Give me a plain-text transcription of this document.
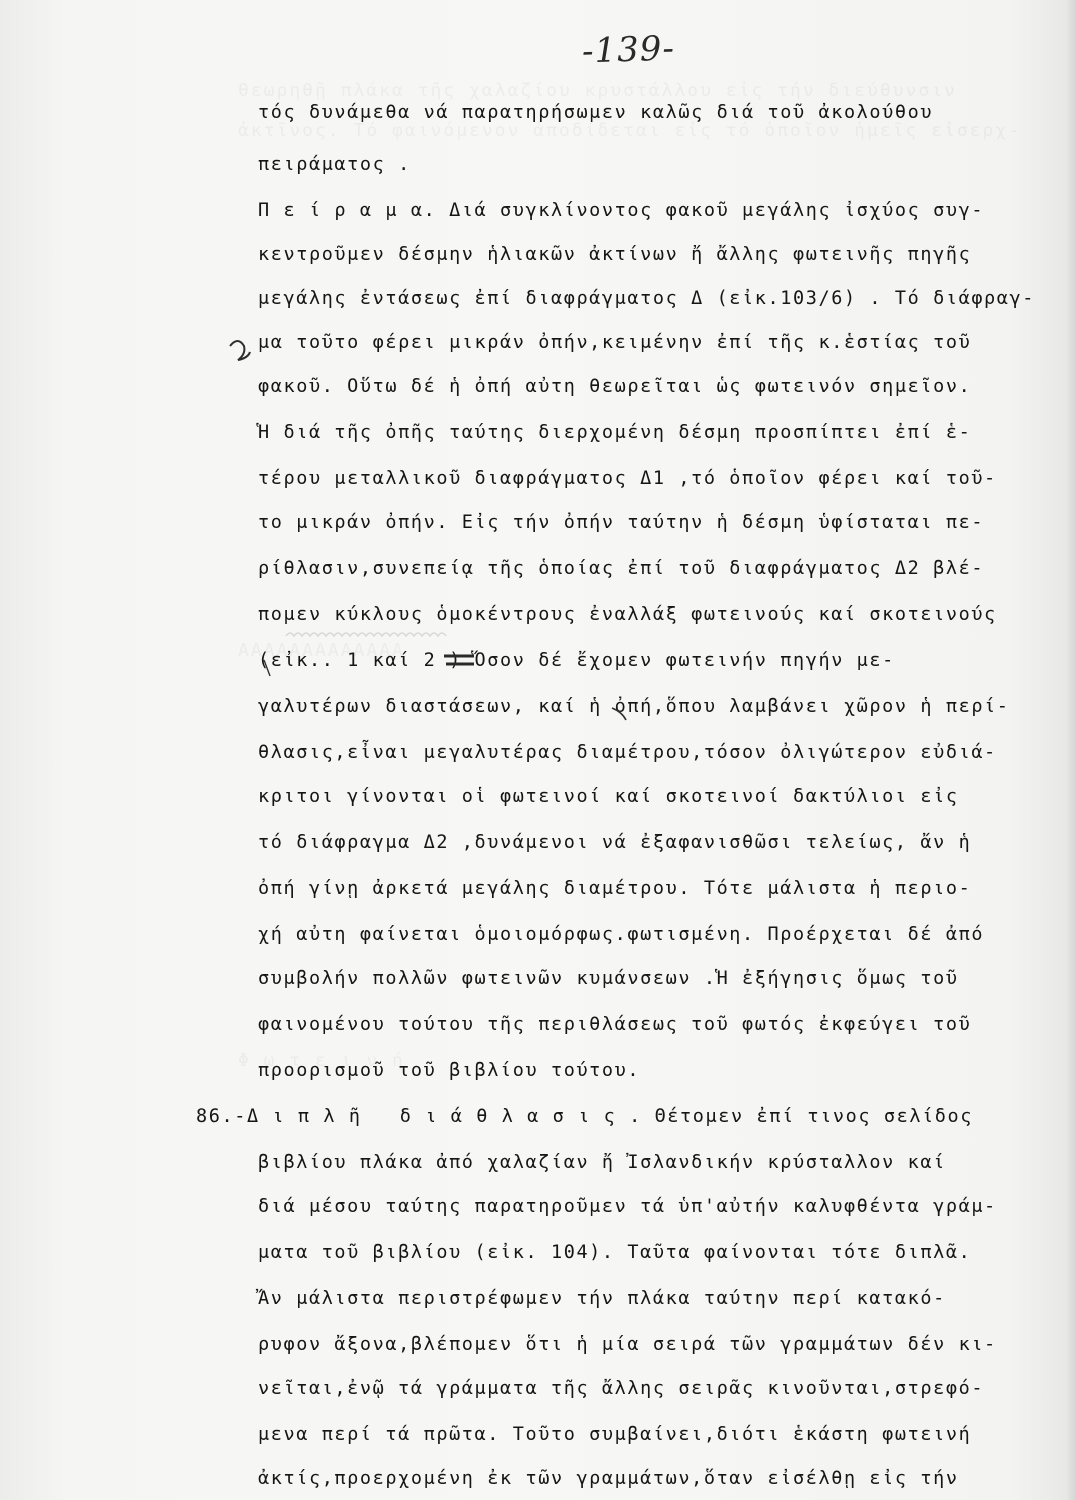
-139-
τός δυνάμεθα νά παρατηρήσωμεν καλῶς διά τοῦ ἀκολούθου
πειράματος .
Π ε ί ρ α μ α. Διά συγκλίνοντος φακοῦ μεγάλης ἰσχύος συγ-
κεντροῦμεν δέσμην ἡλιακῶν ἀκτίνων ἤ ἄλλης φωτεινῆς πηγῆς
μεγάλης ἐντάσεως ἐπί διαφράγματος Δ (εἰκ.103/6) . Τό διάφραγ-
μα τοῦτο φέρει μικράν ὀπήν,κειμένην ἐπί τῆς κ.ἑστίας τοῦ
φακοῦ. Οὕτω δέ ἡ ὀπή αὐτη θεωρεῖται ὡς φωτεινόν σημεῖον.
Ἡ διά τῆς ὀπῆς ταύτης διερχομένη δέσμη προσπίπτει ἐπί ἑ-
τέρου μεταλλικοῦ διαφράγματος Δ1 ,τό ὁποῖον φέρει καί τοῦ-
το μικράν ὀπήν. Εἰς τήν ὀπήν ταύτην ἡ δέσμη ὑφίσταται πε-
ρίθλασιν,συνεπείᾳ τῆς ὁποίας ἐπί τοῦ διαφράγματος Δ2 βλέ-
πομεν κύκλους ὁμοκέντρους ἐναλλάξ φωτεινούς καί σκοτεινούς
(εἰκ.. 1 καί 2 ) Ὅσον δέ ἔχομεν φωτεινήν πηγήν με-
γαλυτέρων διαστάσεων, καί ἡ ὀπή,ὅπου λαμβάνει χῶρον ἡ περί-
θλασις,εἶναι μεγαλυτέρας διαμέτρου,τόσον ὀλιγώτερον εὐδιά-
κριτοι γίνονται οἱ φωτεινοί καί σκοτεινοί δακτύλιοι εἰς
τό διάφραγμα Δ2 ,δυνάμενοι νά ἐξαφανισθῶσι τελείως, ἄν ἡ
ὀπή γίνῃ ἀρκετά μεγάλης διαμέτρου. Τότε μάλιστα ἡ περιο-
χή αὐτη φαίνεται ὁμοιομόρφως.φωτισμένη. Προέρχεται δέ ἀπό
συμβολήν πολλῶν φωτεινῶν κυμάνσεων .Ἡ ἐξήγησις ὅμως τοῦ
φαινομένου τούτου τῆς περιθλάσεως τοῦ φωτός ἐκφεύγει τοῦ
προορισμοῦ τοῦ βιβλίου τούτου.
86.-Δ ι π λ ῆ   δ ι ά θ λ α σ ι ς . Θέτομεν ἐπί τινος σελίδος
βιβλίου πλάκα ἀπό χαλαζίαν ἤ Ἰσλανδικήν κρύσταλλον καί
διά μέσου ταύτης παρατηροῦμεν τά ὑπ'αὐτήν καλυφθέντα γράμ-
ματα τοῦ βιβλίου (εἰκ. 104). Ταῦτα φαίνονται τότε διπλᾶ.
Ἄν μάλιστα περιστρέφωμεν τήν πλάκα ταύτην περί κατακό-
ρυφον ἄξονα,βλέπομεν ὅτι ἡ μία σειρά τῶν γραμμάτων δέν κι-
νεῖται,ἐνῷ τά γράμματα τῆς ἄλλης σειρᾶς κινοῦνται,στρεφό-
μενα περί τά πρῶτα. Τοῦτο συμβαίνει,διότι ἑκάστη φωτεινή
ἀκτίς,προερχομένη ἐκ τῶν γραμμάτων,ὅταν εἰσέλθῃ εἰς τήν
